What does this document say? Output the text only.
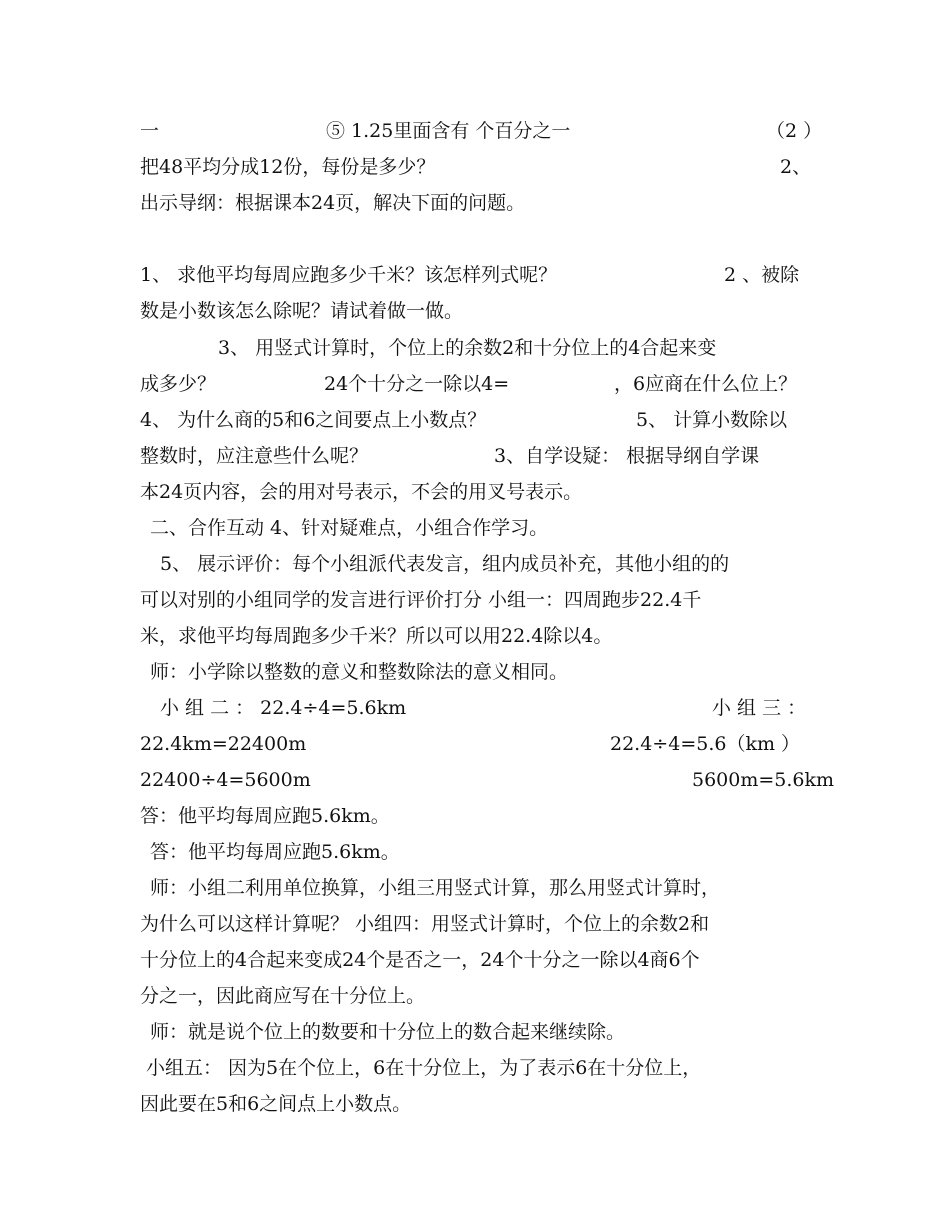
一	⑤ 1.25里面含有 个百分之一	（2 ）
把48平均分成12份，每份是多少？	2、
出示导纲：根据课本24页，解决下面的问题。
1、 求他平均每周应跑多少千米？该怎样列式呢？	2 、被除
数是小数该怎么除呢？请试着做一做。
3、 用竖式计算时，个位上的余数2和十分位上的4合起来变
成多少？	24个十分之一除以4=	，6应商在什么位上？
4、 为什么商的5和6之间要点上小数点？	5、 计算小数除以
整数时，应注意些什么呢？	3、自学设疑： 根据导纲自学课
本24页内容，会的用对号表示，不会的用叉号表示。
二、合作互动 4、针对疑难点，小组合作学习。
5、 展示评价：每个小组派代表发言，组内成员补充，其他小组的的
可以对别的小组同学的发言进行评价打分 小组一：四周跑步22.4千
米，求他平均每周跑多少千米？所以可以用22.4除以4。
师：小学除以整数的意义和整数除法的意义相同。
小 组 二 ： 22.4÷4=5.6km	小 组 三 ：
22.4km=22400m	22.4÷4=5.6（km ）
22400÷4=5600m	5600m=5.6km
答：他平均每周应跑5.6km。
答：他平均每周应跑5.6km。
师：小组二利用单位换算，小组三用竖式计算，那么用竖式计算时，
为什么可以这样计算呢？ 小组四：用竖式计算时，个位上的余数2和
十分位上的4合起来变成24个是否之一，24个十分之一除以4商6个
分之一，因此商应写在十分位上。
师：就是说个位上的数要和十分位上的数合起来继续除。
小组五： 因为5在个位上，6在十分位上，为了表示6在十分位上，
因此要在5和6之间点上小数点。
